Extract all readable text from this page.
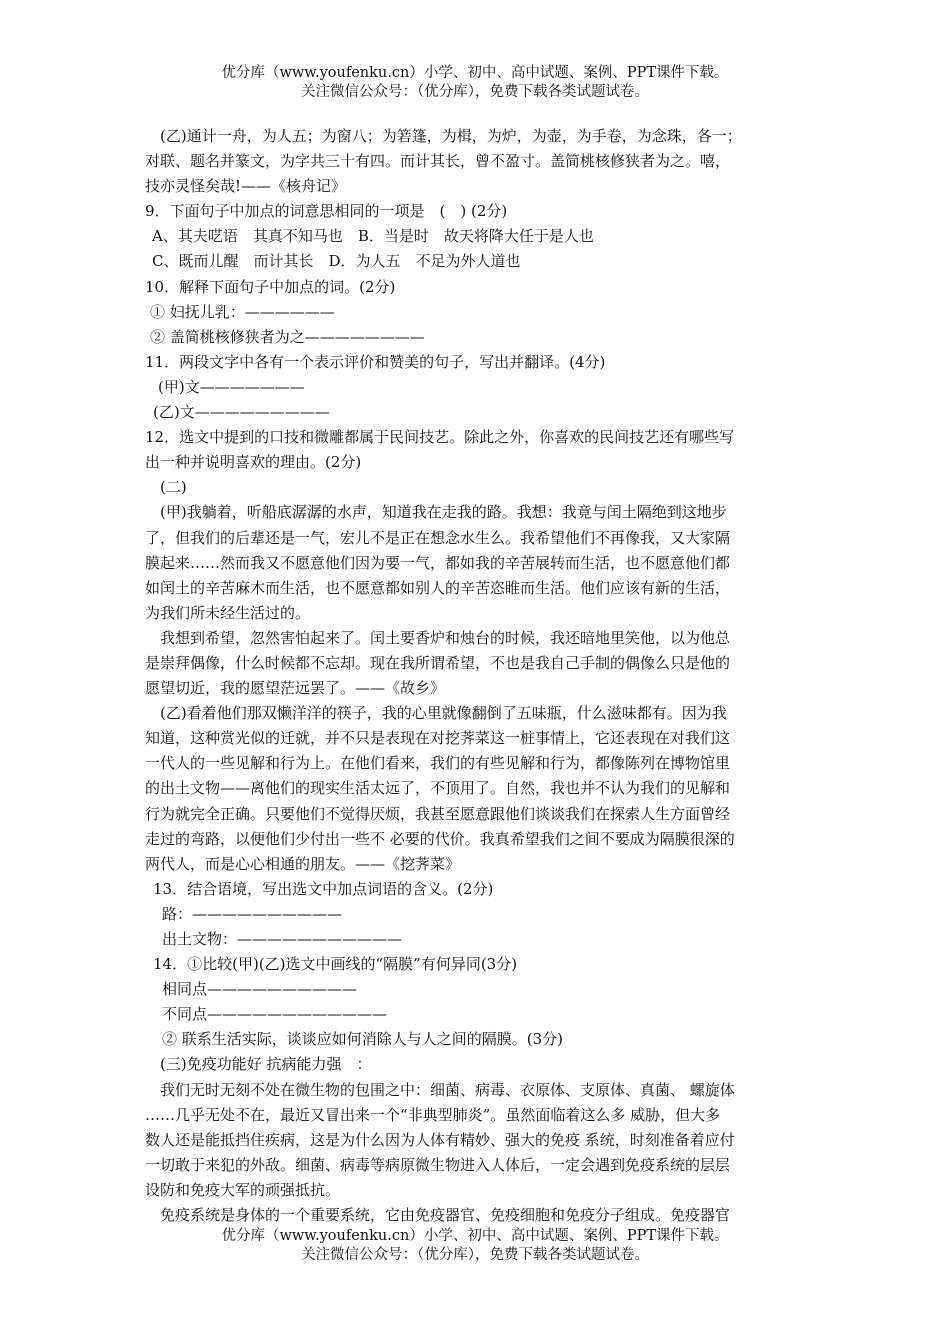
优分库（www.youfenku.cn）小学、初中、高中试题、案例、PPT课件下载。
关注微信公众号：（优分库），免费下载各类试题试卷。
(乙)通计一舟，为人五；为窗八；为箬篷，为楫，为炉，为壶，为手卷，为念珠，各一；
对联、题名并篆文，为字共三十有四。而计其长，曾不盈寸。盖简桃核修狭者为之。嘻，
技亦灵怪矣哉!——《核舟记》
9．下面句子中加点的词意思相同的一项是　(　) (2分)
A、其夫呓语　其真不知马也　B．当是时　故天将降大任于是人也
C、既而儿醒　而计其长　D．为人五　不足为外人道也
10．解释下面句子中加点的词。(2分)
① 妇抚儿乳：——————
② 盖简桃核修狭者为之————————
11．两段文字中各有一个表示评价和赞美的句子，写出并翻译。(4分)
(甲)文———————
(乙)文—————————
12．选文中提到的口技和微雕都属于民间技艺。除此之外，你喜欢的民间技艺还有哪些写
出一种并说明喜欢的理由。(2分)
(二)
(甲)我躺着，听船底潺潺的水声，知道我在走我的路。我想：我竟与闰土隔绝到这地步
了，但我们的后辈还是一气，宏儿不是正在想念水生么。我希望他们不再像我，又大家隔
膜起来……然而我又不愿意他们因为要一气，都如我的辛苦展转而生活，也不愿意他们都
如闰土的辛苦麻木而生活，也不愿意都如别人的辛苦恣睢而生活。他们应该有新的生活，
为我们所未经生活过的。
我想到希望，忽然害怕起来了。闰土要香炉和烛台的时候，我还暗地里笑他，以为他总
是崇拜偶像，什么时候都不忘却。现在我所谓希望，不也是我自己手制的偶像么只是他的
愿望切近，我的愿望茫远罢了。——《故乡》
(乙)看着他们那双懒洋洋的筷子，我的心里就像翻倒了五味瓶，什么滋味都有。因为我
知道，这种赏光似的迁就，并不只是表现在对挖荠菜这一桩事情上，它还表现在对我们这
一代人的一些见解和行为上。在他们看来，我们的有些见解和行为，都像陈列在博物馆里
的出土文物——离他们的现实生活太远了，不顶用了。自然，我也并不认为我们的见解和
行为就完全正确。只要他们不觉得厌烦，我甚至愿意跟他们谈谈我们在探索人生方面曾经
走过的弯路，以便他们少付出一些不 必要的代价。我真希望我们之间不要成为隔膜很深的
两代人，而是心心相通的朋友。——《挖荠菜》
13．结合语境，写出选文中加点词语的含义。(2分)
路：——————————
出土文物：———————————
14．①比较(甲)(乙)选文中画线的“隔膜”有何异同(3分)
相同点——————————
不同点————————————
② 联系生活实际，谈谈应如何消除人与人之间的隔膜。(3分)
(三)免疫功能好 抗病能力强　：
我们无时无刻不处在微生物的包围之中：细菌、病毒、衣原体、支原体、真菌、 螺旋体
……几乎无处不在，最近又冒出来一个“非典型肺炎”。虽然面临着这么多 威胁，但大多
数人还是能抵挡住疾病，这是为什么因为人体有精妙、强大的免疫 系统，时刻准备着应付
一切敢于来犯的外敌。细菌、病毒等病原微生物进入人体后，一定会遇到免疫系统的层层
设防和免疫大军的顽强抵抗。
免疫系统是身体的一个重要系统，它由免疫器官、免疫细胞和免疫分子组成。免疫器官
优分库（www.youfenku.cn）小学、初中、高中试题、案例、PPT课件下载。
关注微信公众号：（优分库），免费下载各类试题试卷。
